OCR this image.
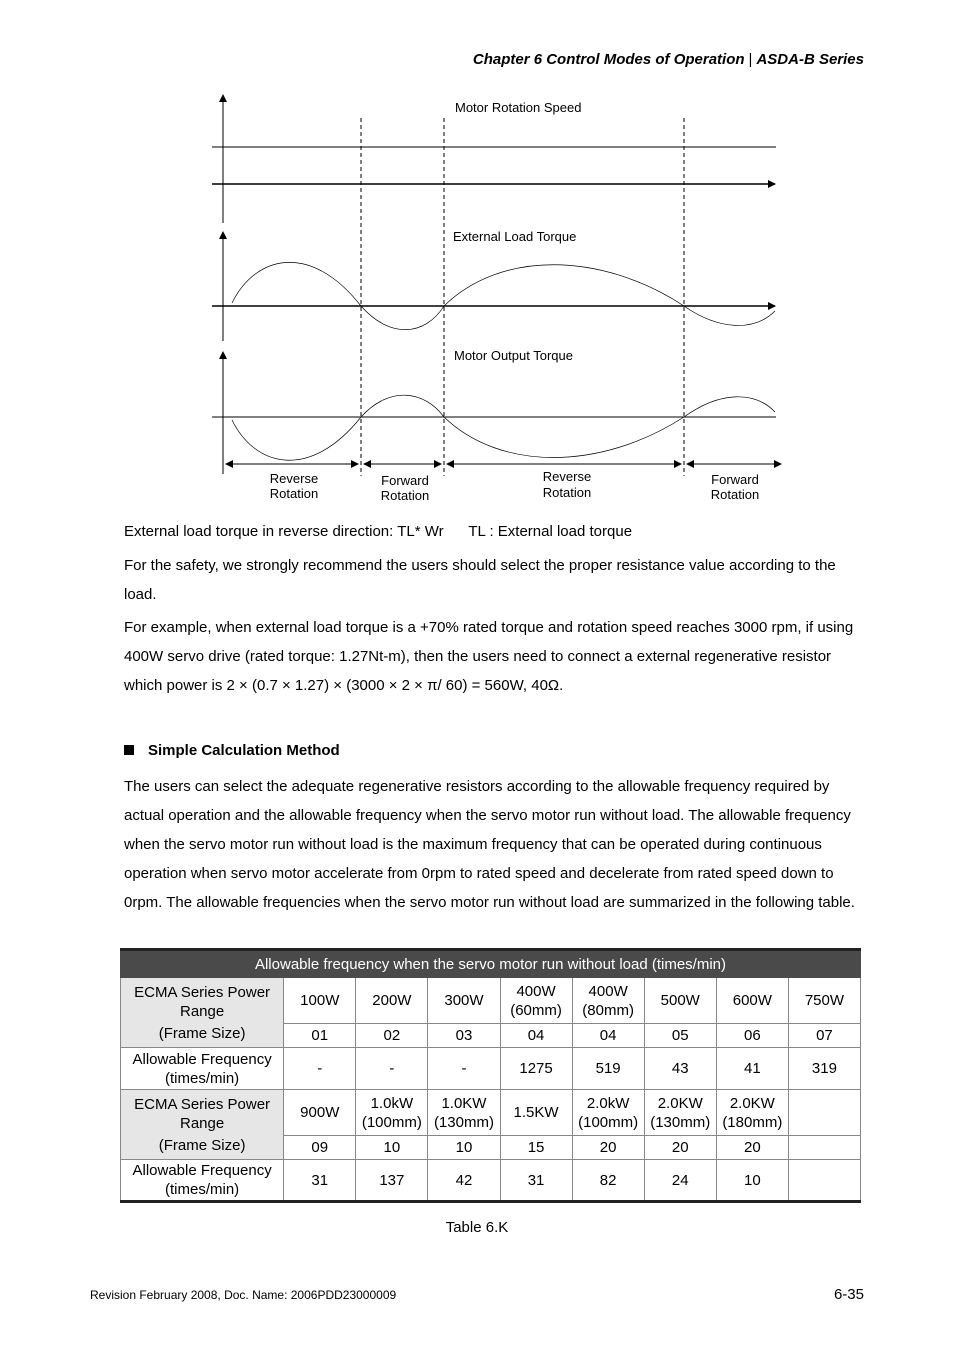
Chapter 6 Control Modes of Operation | ASDA-B Series
Motor Rotation Speed
External Load Torque
Motor Output Torque
Reverse
Rotation
Forward
Rotation
Reverse
Rotation
Forward
Rotation

External load torque in reverse direction: TL* Wr      TL : External load torque

For the safety, we strongly recommend the users should select the proper resistance value according to the load.

For example, when external load torque is a +70% rated torque and rotation speed reaches 3000 rpm, if using 400W servo drive (rated torque: 1.27Nt-m), then the users need to connect a external regenerative resistor which power is 2 × (0.7 × 1.27) × (3000 × 2 × π/ 60) = 560W, 40Ω.

Simple Calculation Method

The users can select the adequate regenerative resistors according to the allowable frequency required by actual operation and the allowable frequency when the servo motor run without load. The allowable frequency when the servo motor run without load is the maximum frequency that can be operated during continuous operation when servo motor accelerate from 0rpm to rated speed and decelerate from rated speed down to 0rpm. The allowable frequencies when the servo motor run without load are summarized in the following table.

Allowable frequency when the servo motor run without load (times/min)								

ECMA Series Power Range
(Frame Size)	100W	200W	300W	400W (60mm)	400W (80mm)	500W	600W	750W
	01	02	03	04	04	05	06	07
Allowable Frequency (times/min)	-	-	-	1275	519	43	41	319

ECMA Series Power Range
(Frame Size)	900W	1.0kW (100mm)	1.0KW (130mm)	1.5KW	2.0kW (100mm)	2.0KW (130mm)	2.0KW (180mm)	
	09	10	10	15	20	20	20	
Allowable Frequency (times/min)	31	137	42	31	82	24	10	
Table 6.K
Revision February 2008, Doc. Name: 2006PDD23000009	6-35
